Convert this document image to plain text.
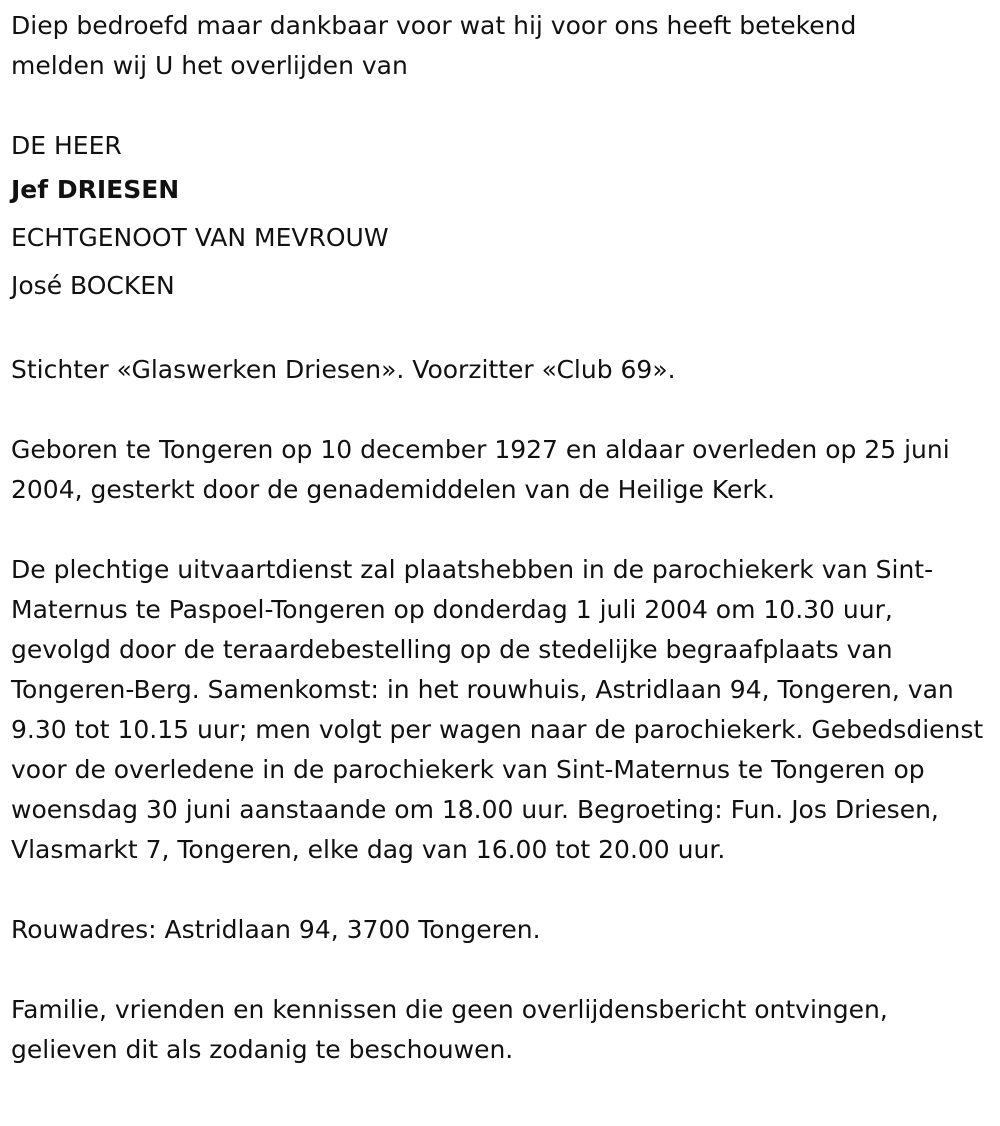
Diep bedroefd maar dankbaar voor wat hij voor ons heeft betekend
melden wij U het overlijden van
DE HEER
Jef DRIESEN
ECHTGENOOT VAN MEVROUW
José BOCKEN

Stichter «Glaswerken Driesen». Voorzitter «Club 69».

Geboren te Tongeren op 10 december 1927 en aldaar overleden op 25 juni 2004, gesterkt door de genademiddelen van de Heilige Kerk.

De plechtige uitvaartdienst zal plaatshebben in de parochiekerk van Sint-Maternus te Paspoel-Tongeren op donderdag 1 juli 2004 om 10.30 uur, gevolgd door de teraardebestelling op de stedelijke begraafplaats van Tongeren-Berg. Samenkomst: in het rouwhuis, Astridlaan 94, Tongeren, van 9.30 tot 10.15 uur; men volgt per wagen naar de parochiekerk. Gebedsdienst voor de overledene in de parochiekerk van Sint-Maternus te Tongeren op woensdag 30 juni aanstaande om 18.00 uur. Begroeting: Fun. Jos Driesen, Vlasmarkt 7, Tongeren, elke dag van 16.00 tot 20.00 uur.

Rouwadres: Astridlaan 94, 3700 Tongeren.

Familie, vrienden en kennissen die geen overlijdensbericht ontvingen, gelieven dit als zodanig te beschouwen.
